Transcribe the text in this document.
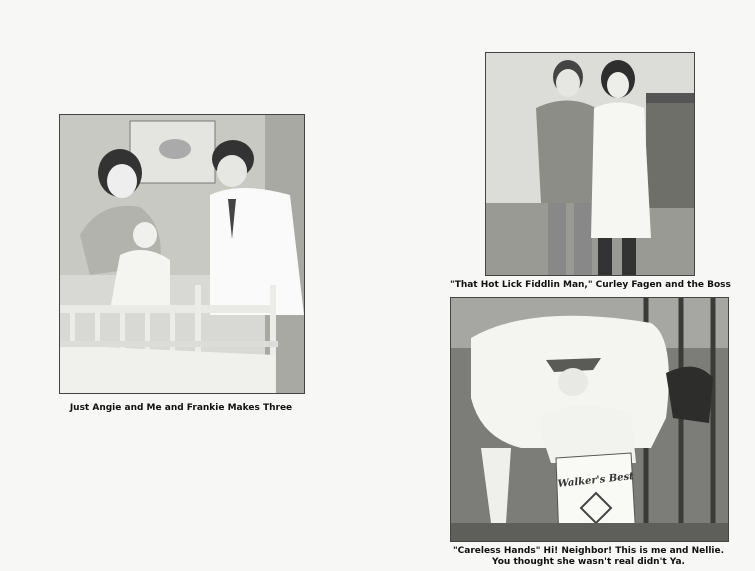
Just Angie and Me and Frankie Makes Three
"That Hot Lick Fiddlin Man," Curley Fagen and the Boss
Walker's Best
"Careless Hands" Hi! Neighbor! This is me and Nellie.
You thought she wasn't real didn't Ya.
